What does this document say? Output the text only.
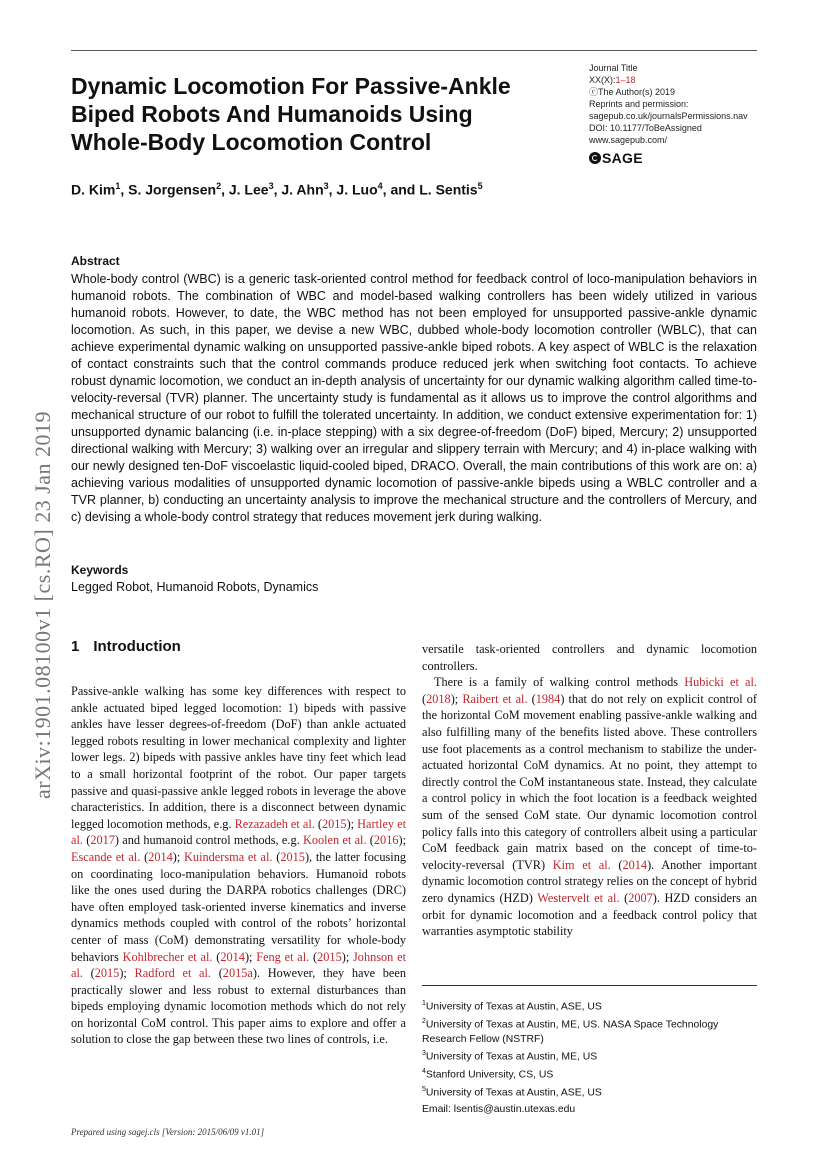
Dynamic Locomotion For Passive-Ankle Biped Robots And Humanoids Using Whole-Body Locomotion Control
Journal Title
XX(X):1–18
ⓒThe Author(s) 2019
Reprints and permission:
sagepub.co.uk/journalsPermissions.nav
DOI: 10.1177/ToBeAssigned
www.sagepub.com/
SAGE
D. Kim$^1$, S. Jorgensen$^2$, J. Lee$^3$, J. Ahn$^3$, J. Luo$^4$, and L. Sentis$^5$
arXiv:1901.08100v1 [cs.RO] 23 Jan 2019
Abstract
Whole-body control (WBC) is a generic task-oriented control method for feedback control of loco-manipulation behaviors in humanoid robots. The combination of WBC and model-based walking controllers has been widely utilized in various humanoid robots. However, to date, the WBC method has not been employed for unsupported passive-ankle dynamic locomotion. As such, in this paper, we devise a new WBC, dubbed whole-body locomotion controller (WBLC), that can achieve experimental dynamic walking on unsupported passive-ankle biped robots. A key aspect of WBLC is the relaxation of contact constraints such that the control commands produce reduced jerk when switching foot contacts. To achieve robust dynamic locomotion, we conduct an in-depth analysis of uncertainty for our dynamic walking algorithm called time-to-velocity-reversal (TVR) planner. The uncertainty study is fundamental as it allows us to improve the control algorithms and mechanical structure of our robot to fulfill the tolerated uncertainty. In addition, we conduct extensive experimentation for: 1) unsupported dynamic balancing (i.e. in-place stepping) with a six degree-of-freedom (DoF) biped, Mercury; 2) unsupported directional walking with Mercury; 3) walking over an irregular and slippery terrain with Mercury; and 4) in-place walking with our newly designed ten-DoF viscoelastic liquid-cooled biped, DRACO. Overall, the main contributions of this work are on: a) achieving various modalities of unsupported dynamic locomotion of passive-ankle bipeds using a WBLC controller and a TVR planner, b) conducting an uncertainty analysis to improve the mechanical structure and the controllers of Mercury, and c) devising a whole-body control strategy that reduces movement jerk during walking.
Keywords
Legged Robot, Humanoid Robots, Dynamics
1 Introduction

Passive-ankle walking has some key differences with respect to ankle actuated biped legged locomotion: 1) bipeds with passive ankles have lesser degrees-of-freedom (DoF) than ankle actuated legged robots resulting in lower mechanical complexity and lighter lower legs. 2) bipeds with passive ankles have tiny feet which lead to a small horizontal footprint of the robot. Our paper targets passive and quasi-passive ankle legged robots in leverage the above characteristics. In addition, there is a disconnect between dynamic legged locomotion methods, e.g. Rezazadeh et al. (2015); Hartley et al. (2017) and humanoid control methods, e.g. Koolen et al. (2016); Escande et al. (2014); Kuindersma et al. (2015), the latter focusing on coordinating loco-manipulation behaviors. Humanoid robots like the ones used during the DARPA robotics challenges (DRC) have often employed task-oriented inverse kinematics and inverse dynamics methods coupled with control of the robots’ horizontal center of mass (CoM) demonstrating versatility for whole-body behaviors Kohlbrecher et al. (2014); Feng et al. (2015); Johnson et al. (2015); Radford et al. (2015a). However, they have been practically slower and less robust to external disturbances than bipeds employing dynamic locomotion methods which do not rely on horizontal CoM control. This paper aims to explore and offer a solution to close the gap between these two lines of controls, i.e.

versatile task-oriented controllers and dynamic locomotion controllers.

There is a family of walking control methods Hubicki et al. (2018); Raibert et al. (1984) that do not rely on explicit control of the horizontal CoM movement enabling passive-ankle walking and also fulfilling many of the benefits listed above. These controllers use foot placements as a control mechanism to stabilize the under-actuated horizontal CoM dynamics. At no point, they attempt to directly control the CoM instantaneous state. Instead, they calculate a control policy in which the foot location is a feedback weighted sum of the sensed CoM state. Our dynamic locomotion control policy falls into this category of controllers albeit using a particular CoM feedback gain matrix based on the concept of time-to-velocity-reversal (TVR) Kim et al. (2014). Another important dynamic locomotion control strategy relies on the concept of hybrid zero dynamics (HZD) Westervelt et al. (2007). HZD considers an orbit for dynamic locomotion and a feedback control policy that warranties asymptotic stability

$^1$University of Texas at Austin, ASE, US
$^2$University of Texas at Austin, ME, US. NASA Space Technology Research Fellow (NSTRF)
$^3$University of Texas at Austin, ME, US
$^4$Stanford University, CS, US
$^5$University of Texas at Austin, ASE, US
Email: lsentis@austin.utexas.edu
Prepared using sagej.cls [Version: 2015/06/09 v1.01]
